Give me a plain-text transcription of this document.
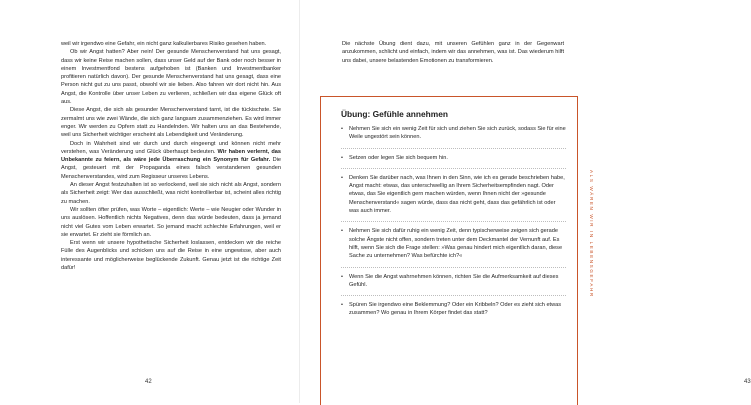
weil wir irgendwo eine Gefahr, ein nicht ganz kalkulierbares Risiko gesehen haben.

Ob wir Angst hatten? Aber nein! Der gesunde Menschenverstand hat uns gesagt, dass wir keine Reise machen sollen, dass unser Geld auf der Bank oder noch besser in einem Investmentfond bestens aufgehoben ist (Banken und Investmentbanker profitieren natürlich davon). Der gesunde Menschenverstand hat uns gesagt, dass eine Person nicht gut zu uns passt, obwohl wir sie lieben. Also fahren wir dort nicht hin. Aus Angst, die Kontrolle über unser Leben zu verlieren, schließen wir das eigene Glück oft aus.

Diese Angst, die sich als gesunder Menschenverstand tarnt, ist die tückischste. Sie zermalmt uns wie zwei Wände, die sich ganz langsam zusammenziehen. Es wird immer enger. Wir werden zu Opfern statt zu Handelnden. Wir halten uns an das Bestehende, weil uns Sicherheit wichtiger erscheint als Lebendigkeit und Veränderung.

Doch in Wahrheit sind wir durch und durch eingeengt und können nicht mehr verstehen, was Veränderung und Glück überhaupt bedeuten. Wir haben verlernt, das Unbekannte zu feiern, als wäre jede Überraschung ein Synonym für Gefahr. Die Angst, gesteuert mit der Propaganda eines falsch verstandenen gesunden Menschenverstandes, wird zum Regisseur unseres Lebens.

An dieser Angst festzuhalten ist so verlockend, weil sie sich nicht als Angst, sondern als Sicherheit zeigt: Wer das ausschließt, was nicht kontrollierbar ist, scheint alles richtig zu machen.

Wir sollten öfter prüfen, was Worte – eigentlich: Werte – wie Neugier oder Wunder in uns auslösen. Hoffentlich nichts Negatives, denn das würde bedeuten, dass ja jemand nicht viel Gutes vom Leben erwartet. So jemand macht schlechte Erfahrungen, weil er sie erwartet. Er zieht sie förmlich an.

Erst wenn wir unsere hypothetische Sicherheit loslassen, entdecken wir die reiche Fülle des Augenblicks und schicken uns auf die Reise in eine ungewisse, aber auch interessante und möglicherweise beglückende Zukunft. Genau jetzt ist die richtige Zeit dafür!

42	43

Die nächste Übung dient dazu, mit unseren Gefühlen ganz in der Gegenwart anzukommen, schlicht und einfach, indem wir das annehmen, was ist. Das wiederum hilft uns dabei, unsere belastenden Emotionen zu transformieren.

Übung: Gefühle annehmen

• Nehmen Sie sich ein wenig Zeit für sich und ziehen Sie sich zurück, sodass Sie für eine Weile ungestört sein können.

• Setzen oder legen Sie sich bequem hin.

• Denken Sie darüber nach, was Ihnen in den Sinn, wie ich es gerade beschrieben habe, Angst macht: etwas, das unterschwellig an Ihrem Sicherheitsempfinden nagt. Oder etwas, das Sie eigentlich gern machen würden, wenn Ihnen nicht der »gesunde Menschenverstand« sagen würde, dass das nicht geht, dass das gefährlich ist oder was auch immer.

• Nehmen Sie sich dafür ruhig ein wenig Zeit, denn typischerweise zeigen sich gerade solche Ängste nicht offen, sondern treten unter dem Deckmantel der Vernunft auf. Es hilft, wenn Sie sich die Frage stellen: »Was genau hindert mich eigentlich daran, diese Sache zu unternehmen? Was befürchte ich?«

• Wenn Sie die Angst wahrnehmen können, richten Sie die Aufmerksamkeit auf dieses Gefühl.

• Spüren Sie irgendwo eine Beklemmung? Oder ein Kribbeln? Oder es zieht sich etwas zusammen? Wo genau in Ihrem Körper findet das statt?

ALS WÄREN WIR IN LEBENSGEFAHR
